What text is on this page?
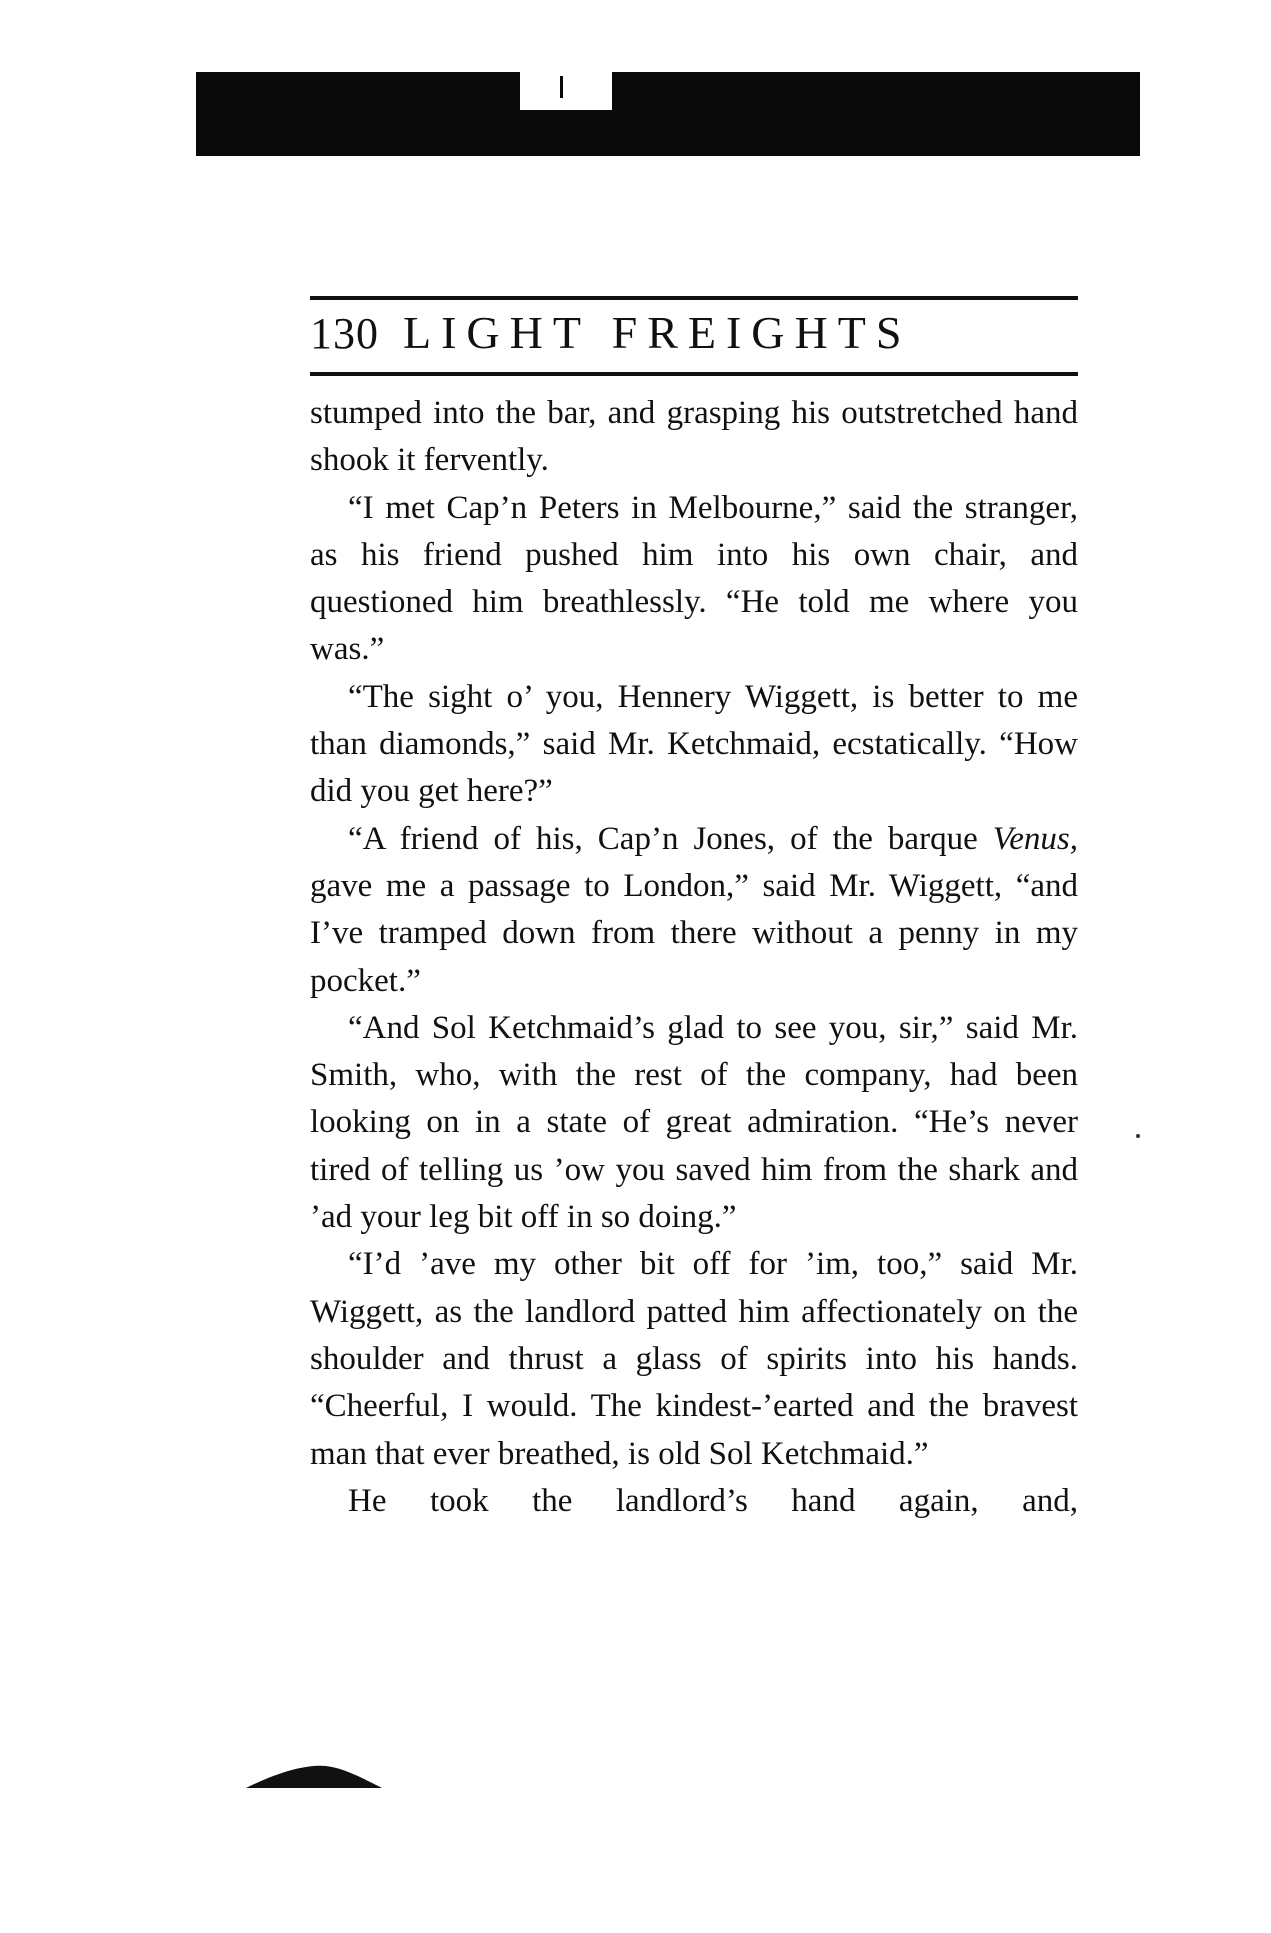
130 LIGHT FREIGHTS

stumped into the bar, and grasping his outstretched hand shook it fervently.

“I met Cap’n Peters in Melbourne,” said the stranger, as his friend pushed him into his own chair, and questioned him breathlessly. “He told me where you was.”

“The sight o’ you, Hennery Wiggett, is better to me than diamonds,” said Mr. Ketchmaid, ecstatically. “How did you get here?”

“A friend of his, Cap’n Jones, of the barque Venus, gave me a passage to London,” said Mr. Wiggett, “and I’ve tramped down from there without a penny in my pocket.”

“And Sol Ketchmaid’s glad to see you, sir,” said Mr. Smith, who, with the rest of the company, had been looking on in a state of great admiration. “He’s never tired of telling us ’ow you saved him from the shark and ’ad your leg bit off in so doing.”

“I’d ’ave my other bit off for ’im, too,” said Mr. Wiggett, as the landlord patted him affectionately on the shoulder and thrust a glass of spirits into his hands. “Cheerful, I would. The kindest-’earted and the bravest man that ever breathed, is old Sol Ketchmaid.”

He took the landlord’s hand again, and,
